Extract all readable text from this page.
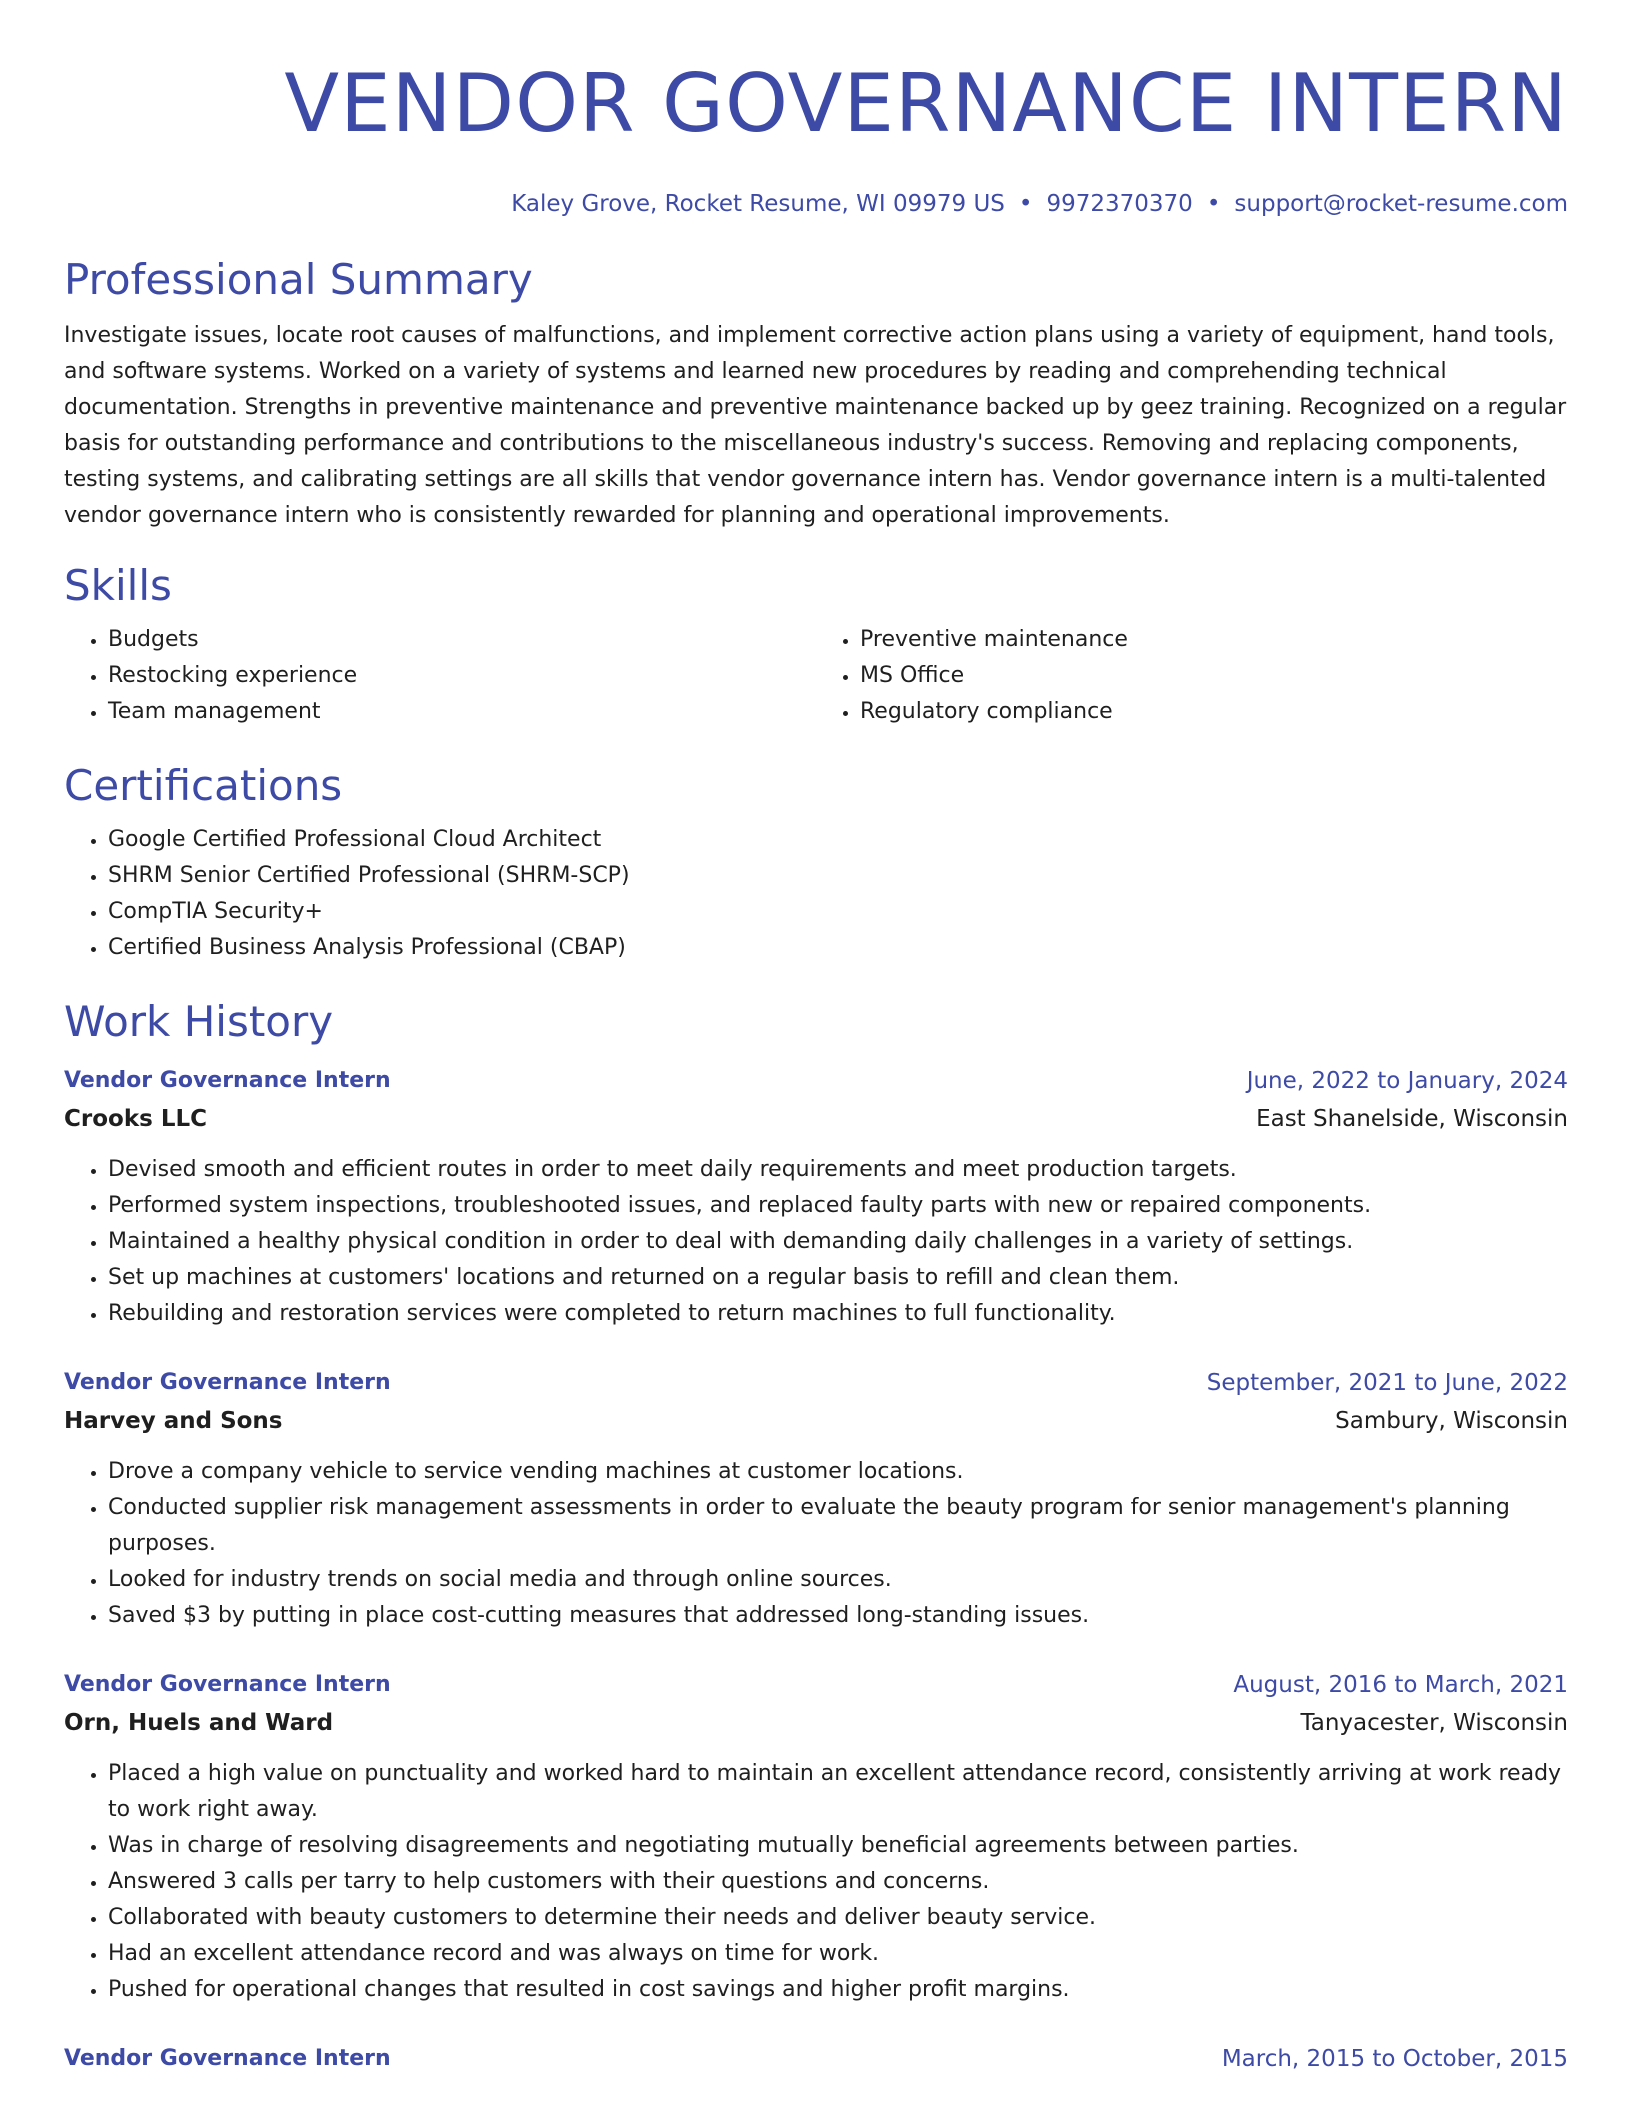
VENDOR GOVERNANCE INTERN
Kaley Grove, Rocket Resume, WI 09979 US • 9972370370 • support@rocket-resume.com
Professional Summary

Investigate issues, locate root causes of malfunctions, and implement corrective action plans using a variety of equipment, hand tools, and software systems. Worked on a variety of systems and learned new procedures by reading and comprehending technical documentation. Strengths in preventive maintenance and preventive maintenance backed up by geez training. Recognized on a regular basis for outstanding performance and contributions to the miscellaneous industry's success. Removing and replacing components, testing systems, and calibrating settings are all skills that vendor governance intern has. Vendor governance intern is a multi-talented vendor governance intern who is consistently rewarded for planning and operational improvements.

Skills
• Budgets
• Restocking experience
• Team management
• Preventive maintenance
• MS Office
• Regulatory compliance
Certifications
• Google Certified Professional Cloud Architect
• SHRM Senior Certified Professional (SHRM-SCP)
• CompTIA Security+
• Certified Business Analysis Professional (CBAP)
Work History
Vendor Governance Intern	June, 2022 to January, 2024
Crooks LLC	East Shanelside, Wisconsin
• Devised smooth and efficient routes in order to meet daily requirements and meet production targets.
• Performed system inspections, troubleshooted issues, and replaced faulty parts with new or repaired components.
• Maintained a healthy physical condition in order to deal with demanding daily challenges in a variety of settings.
• Set up machines at customers' locations and returned on a regular basis to refill and clean them.
• Rebuilding and restoration services were completed to return machines to full functionality.
Vendor Governance Intern	September, 2021 to June, 2022
Harvey and Sons	Sambury, Wisconsin
• Drove a company vehicle to service vending machines at customer locations.
• Conducted supplier risk management assessments in order to evaluate the beauty program for senior management's planning purposes.
• Looked for industry trends on social media and through online sources.
• Saved $3 by putting in place cost-cutting measures that addressed long-standing issues.
Vendor Governance Intern	August, 2016 to March, 2021
Orn, Huels and Ward	Tanyacester, Wisconsin
• Placed a high value on punctuality and worked hard to maintain an excellent attendance record, consistently arriving at work ready to work right away.
• Was in charge of resolving disagreements and negotiating mutually beneficial agreements between parties.
• Answered 3 calls per tarry to help customers with their questions and concerns.
• Collaborated with beauty customers to determine their needs and deliver beauty service.
• Had an excellent attendance record and was always on time for work.
• Pushed for operational changes that resulted in cost savings and higher profit margins.
Vendor Governance Intern	March, 2015 to October, 2015
